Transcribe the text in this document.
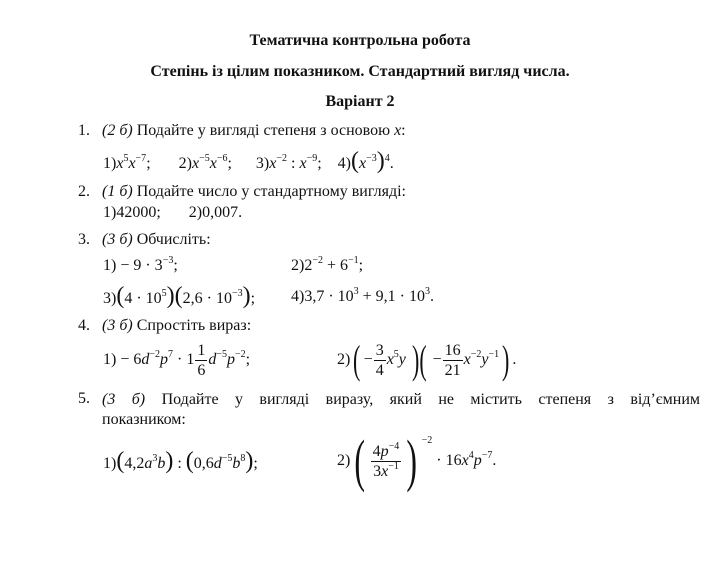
Тематична контрольна робота
Степінь із цілим показником. Стандартний вигляд числа.
Варіант 2
1. (2 б) Подайте у вигляді степеня з основою x:
$1)x^5x^{-7}$;       $2)x^{-5}x^{-6}$;      $3)x^{-2}$ : $x^{-9}$;    $4)(x^{-3})^4$.
2. (1 б) Подайте число у стандартному вигляді:
1)42000; 2)0,007.
3. (3 б) Обчисліть:
$1) - 9 \cdot 3^{-3}$;	$2)2^{-2} + 6^{-1}$;
$3)(4 \cdot 10^5)(2,6 \cdot 10^{-3})$; $4)3,7 \cdot 10^3 + 9,1 \cdot 10^3$.
4. (3 б) Спростіть вираз:
$1) - 6d^{-2}p^7 \cdot 1 \frac{1}{6} d^{-5}p^{-2}$;	$2)( - \frac{3}{4} x^5y$ )( − $\frac{16}{21} x^{-2}y^{-1}$) .
5. (3 б) Подайте у вигляді виразу, який не містить степеня з від’ємним
показником:
$1)(4,2a^3b)$ : $(0,6d^{-5}b^8)$;	$2)( \frac{4p^{-4}}{3x^{-1}}$ ) $^{-2} \cdot 16x^4p^{-7}$.
